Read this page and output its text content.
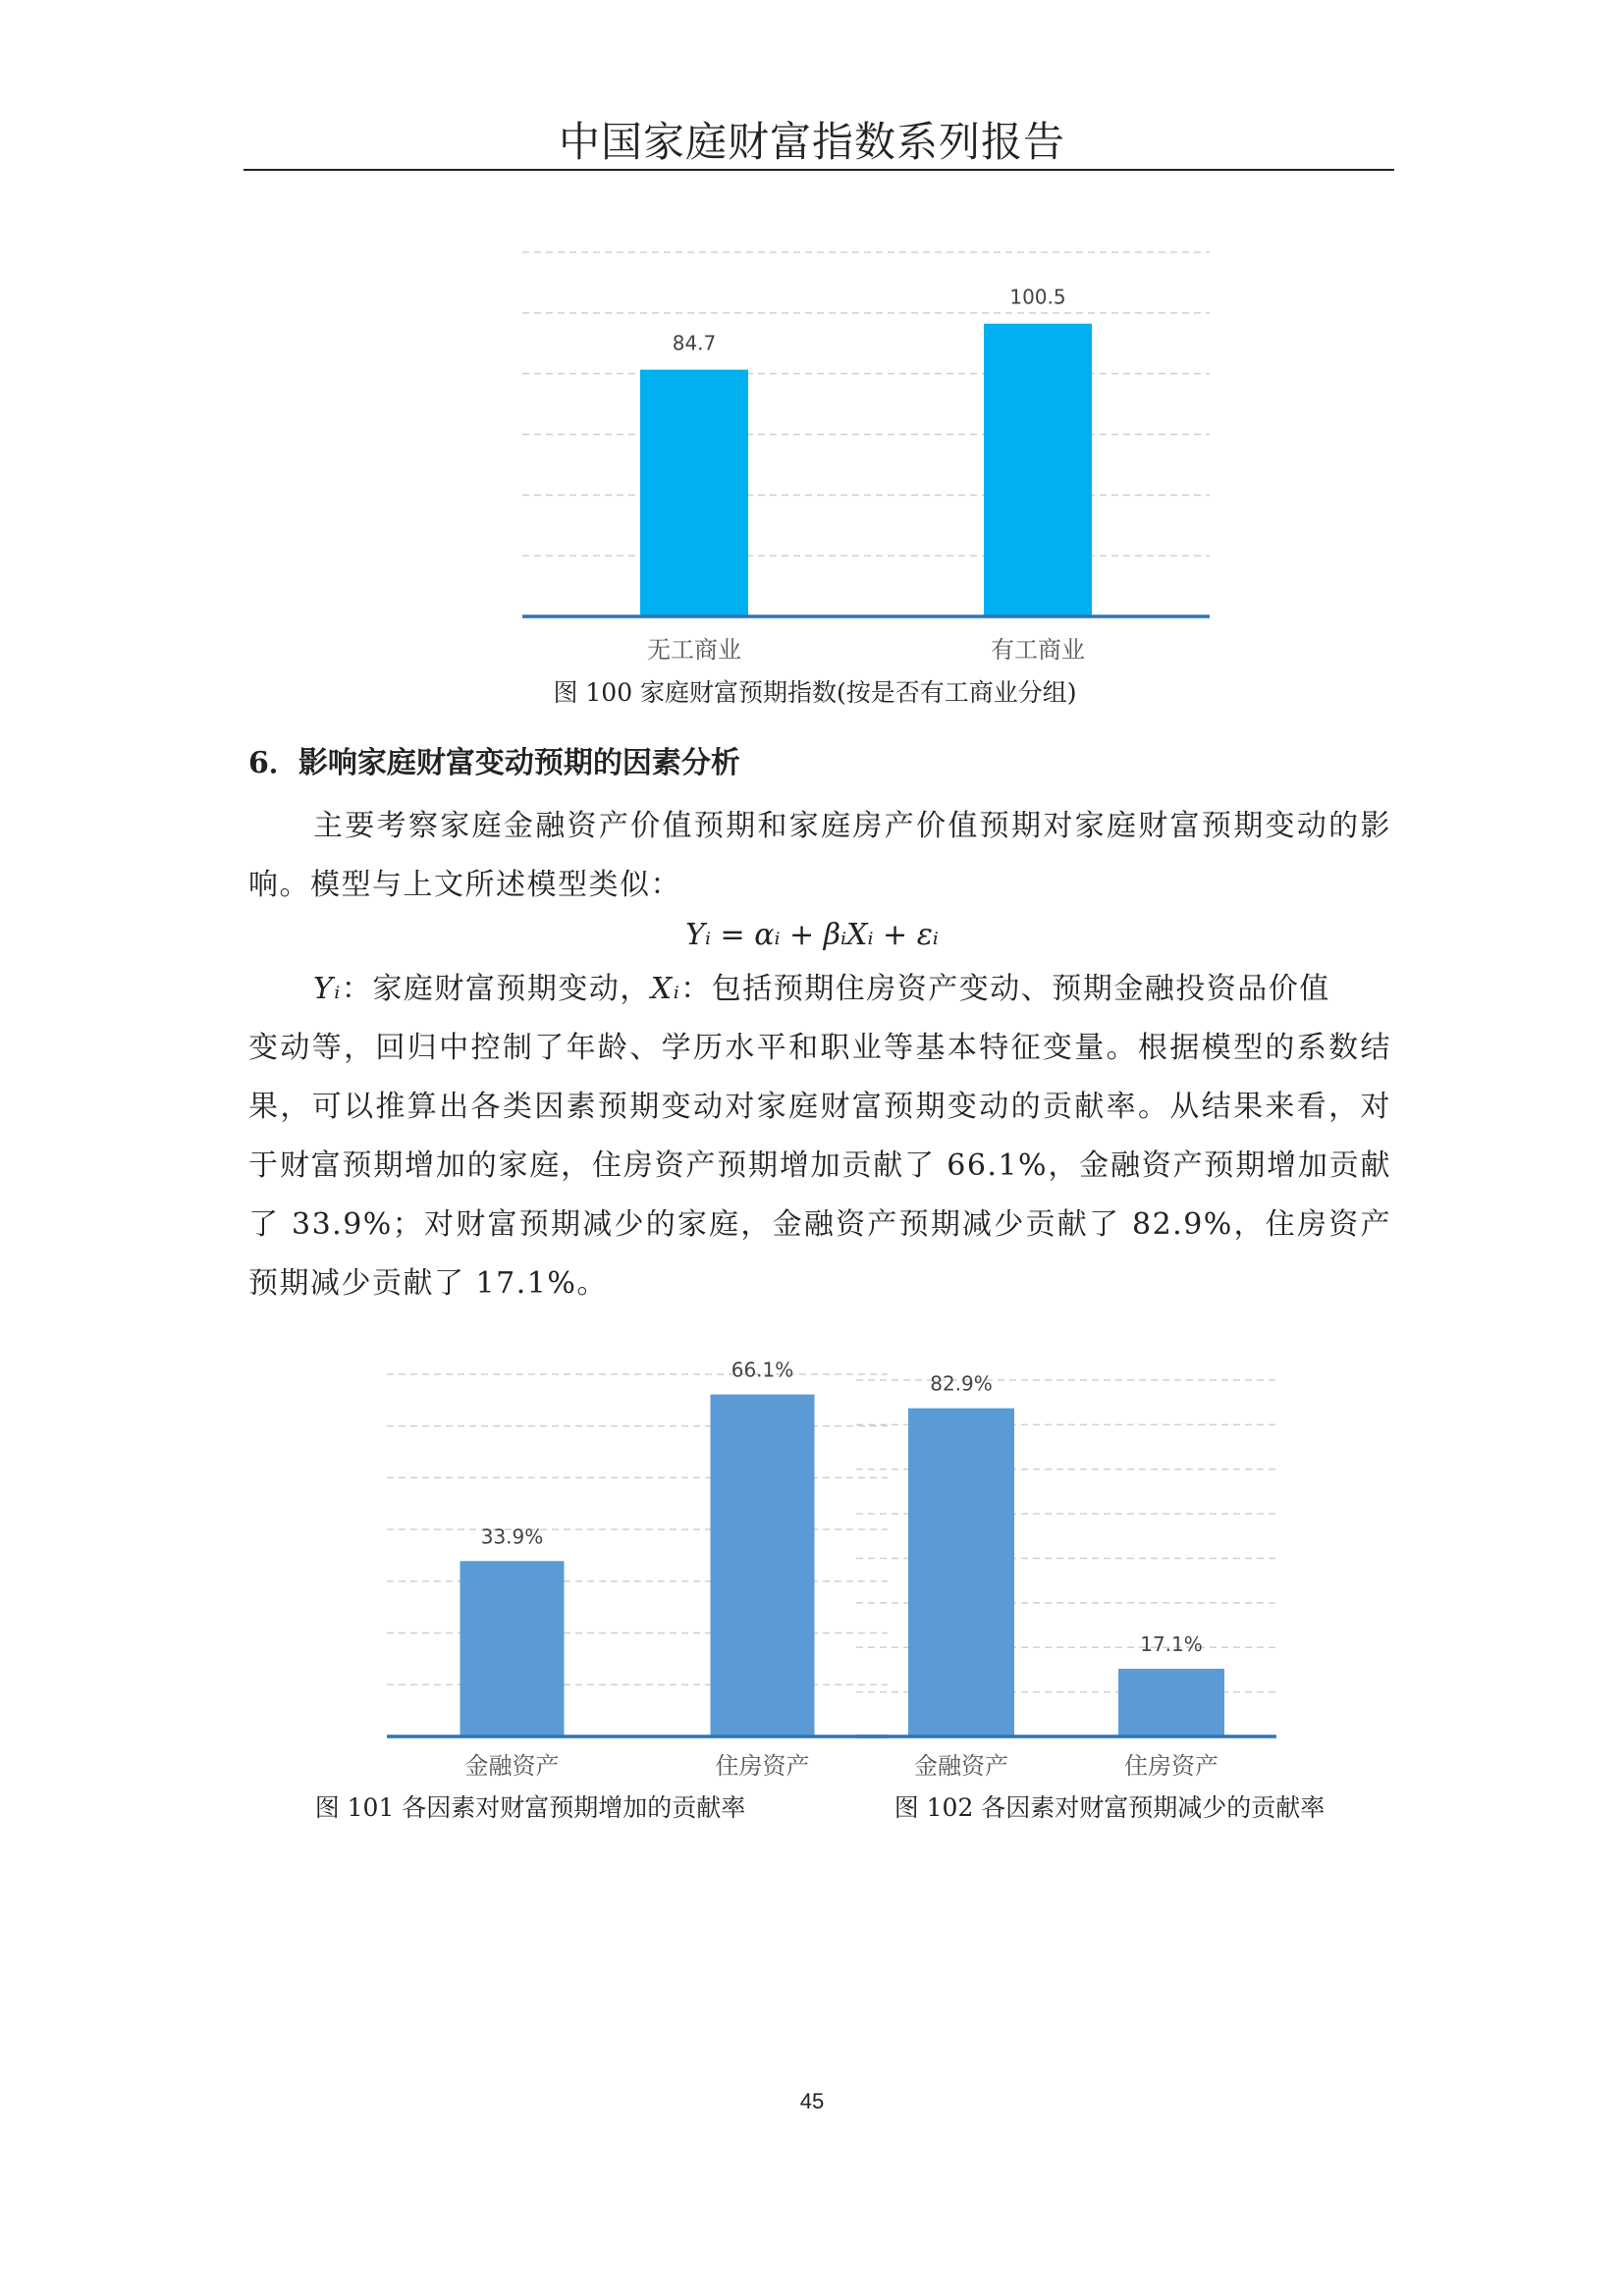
中国家庭财富指数系列报告
84.7
无工商业
100.5
有工商业
图 100 家庭财富预期指数(按是否有工商业分组)
6．影响家庭财富变动预期的因素分析
主要考察家庭金融资产价值预期和家庭房产价值预期对家庭财富预期变动的影响。模型与上文所述模型类似：
Yᵢ = αᵢ + βᵢXᵢ + εᵢ
Yᵢ：家庭财富预期变动，Xᵢ：包括预期住房资产变动、预期金融投资品价值
变动等，回归中控制了年龄、学历水平和职业等基本特征变量。根据模型的系数结果，可以推算出各类因素预期变动对家庭财富预期变动的贡献率。从结果来看，对于财富预期增加的家庭，住房资产预期增加贡献了 66.1%，金融资产预期增加贡献了 33.9%；对财富预期减少的家庭，金融资产预期减少贡献了 82.9%，住房资产预期减少贡献了 17.1%。
33.9%
金融资产
66.1%
住房资产
图 101 各因素对财富预期增加的贡献率
82.9%
金融资产
17.1%
住房资产
图 102 各因素对财富预期减少的贡献率
45
